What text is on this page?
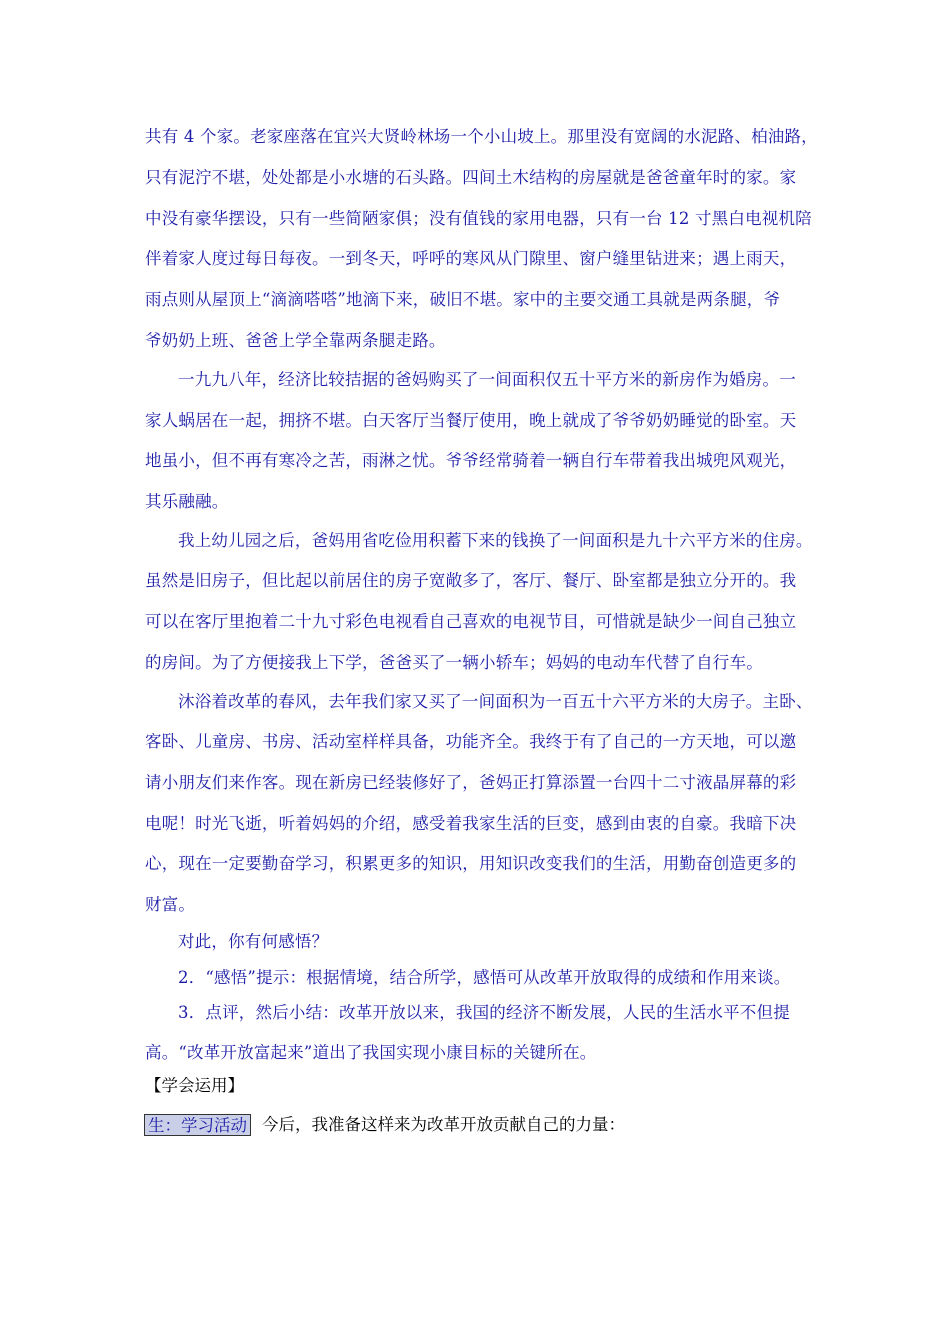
共有 4 个家。老家座落在宜兴大贤岭林场一个小山坡上。那里没有宽阔的水泥路、柏油路，
只有泥泞不堪，处处都是小水塘的石头路。四间土木结构的房屋就是爸爸童年时的家。家
中没有豪华摆设，只有一些简陋家俱；没有值钱的家用电器，只有一台 12 寸黑白电视机陪
伴着家人度过每日每夜。一到冬天，呼呼的寒风从门隙里、窗户缝里钻进来；遇上雨天，
雨点则从屋顶上“滴滴嗒嗒”地滴下来，破旧不堪。家中的主要交通工具就是两条腿，爷
爷奶奶上班、爸爸上学全靠两条腿走路。
一九九八年，经济比较拮据的爸妈购买了一间面积仅五十平方米的新房作为婚房。一
家人蜗居在一起，拥挤不堪。白天客厅当餐厅使用，晚上就成了爷爷奶奶睡觉的卧室。天
地虽小，但不再有寒冷之苦，雨淋之忧。爷爷经常骑着一辆自行车带着我出城兜风观光，
其乐融融。
我上幼儿园之后，爸妈用省吃俭用积蓄下来的钱换了一间面积是九十六平方米的住房。
虽然是旧房子，但比起以前居住的房子宽敞多了，客厅、餐厅、卧室都是独立分开的。我
可以在客厅里抱着二十九寸彩色电视看自己喜欢的电视节目，可惜就是缺少一间自己独立
的房间。为了方便接我上下学，爸爸买了一辆小轿车；妈妈的电动车代替了自行车。
沐浴着改革的春风，去年我们家又买了一间面积为一百五十六平方米的大房子。主卧、
客卧、儿童房、书房、活动室样样具备，功能齐全。我终于有了自己的一方天地，可以邀
请小朋友们来作客。现在新房已经装修好了，爸妈正打算添置一台四十二寸液晶屏幕的彩
电呢！时光飞逝，听着妈妈的介绍，感受着我家生活的巨变，感到由衷的自豪。我暗下决
心，现在一定要勤奋学习，积累更多的知识，用知识改变我们的生活，用勤奋创造更多的
财富。
对此，你有何感悟？
2．“感悟”提示：根据情境，结合所学，感悟可从改革开放取得的成绩和作用来谈。
3．点评，然后小结：改革开放以来，我国的经济不断发展，人民的生活水平不但提
高。“改革开放富起来”道出了我国实现小康目标的关键所在。
【学会运用】
生：学习活动 今后，我准备这样来为改革开放贡献自己的力量：
